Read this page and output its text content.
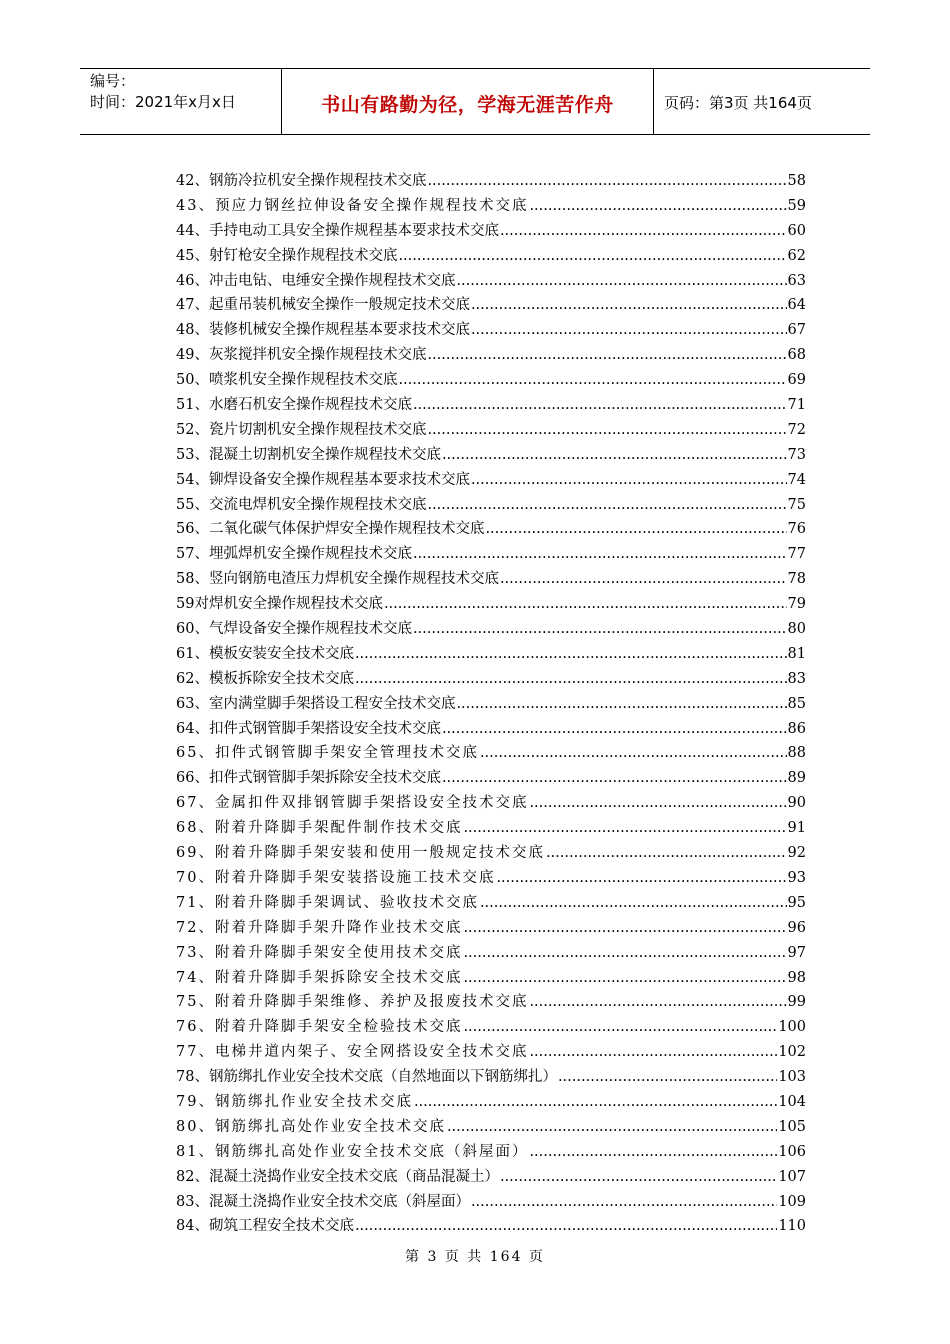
编号：
时间：2021年x月x日	书山有路勤为径，学海无涯苦作舟	页码：第3页 共164页
42、钢筋冷拉机安全操作规程技术交底 .....	58
43、预应力钢丝拉伸设备安全操作规程技术交底 .....	59
44、手持电动工具安全操作规程基本要求技术交底 .....	60
45、射钉枪安全操作规程技术交底 .....	62
46、冲击电钻、电缍安全操作规程技术交底 .....	63
47、起重吊装机械安全操作一般规定技术交底 .....	64
48、装修机械安全操作规程基本要求技术交底 .....	67
49、灰浆搅拌机安全操作规程技术交底 .....	68
50、喷浆机安全操作规程技术交底 .....	69
51、水磨石机安全操作规程技术交底 .....	71
52、瓷片切割机安全操作规程技术交底 .....	72
53、混凝土切割机安全操作规程技术交底 .....	73
54、铆焊设备安全操作规程基本要求技术交底 .....	74
55、交流电焊机安全操作规程技术交底 .....	75
56、二氧化碳气体保护焊安全操作规程技术交底 .....	76
57、埋弧焊机安全操作规程技术交底 .....	77
58、竖向钢筋电渣压力焊机安全操作规程技术交底 .....	78
59对焊机安全操作规程技术交底 .....	79
60、气焊设备安全操作规程技术交底 .....	80
61、模板安装安全技术交底 .....	81
62、模板拆除安全技术交底 .....	83
63、室内满堂脚手架搭设工程安全技术交底 .....	85
64、扣件式钢管脚手架搭设安全技术交底 .....	86
65、扣件式钢管脚手架安全管理技术交底 .....	88
66、扣件式钢管脚手架拆除安全技术交底 .....	89
67、金属扣件双排钢管脚手架搭设安全技术交底 .....	90
68、附着升降脚手架配件制作技术交底 .....	91
69、附着升降脚手架安装和使用一般规定技术交底 .....	92
70、附着升降脚手架安装搭设施工技术交底 .....	93
71、附着升降脚手架调试、验收技术交底 .....	95
72、附着升降脚手架升降作业技术交底 .....	96
73、附着升降脚手架安全使用技术交底 .....	97
74、附着升降脚手架拆除安全技术交底 .....	98
75、附着升降脚手架维修、养护及报废技术交底 .....	99
76、附着升降脚手架安全检验技术交底 .....	100
77、电梯井道内架子、安全网搭设安全技术交底 .....	102
78、钢筋绑扎作业安全技术交底（自然地面以下钢筋绑扎） .....	103
79、钢筋绑扎作业安全技术交底 .....	104
80、钢筋绑扎高处作业安全技术交底 .....	105
81、钢筋绑扎高处作业安全技术交底（斜屋面） .....	106
82、混凝土浇捣作业安全技术交底（商品混凝土） .....	107
83、混凝土浇捣作业安全技术交底（斜屋面） .....	109
84、砌筑工程安全技术交底 .....	110
第 3 页 共 164 页
